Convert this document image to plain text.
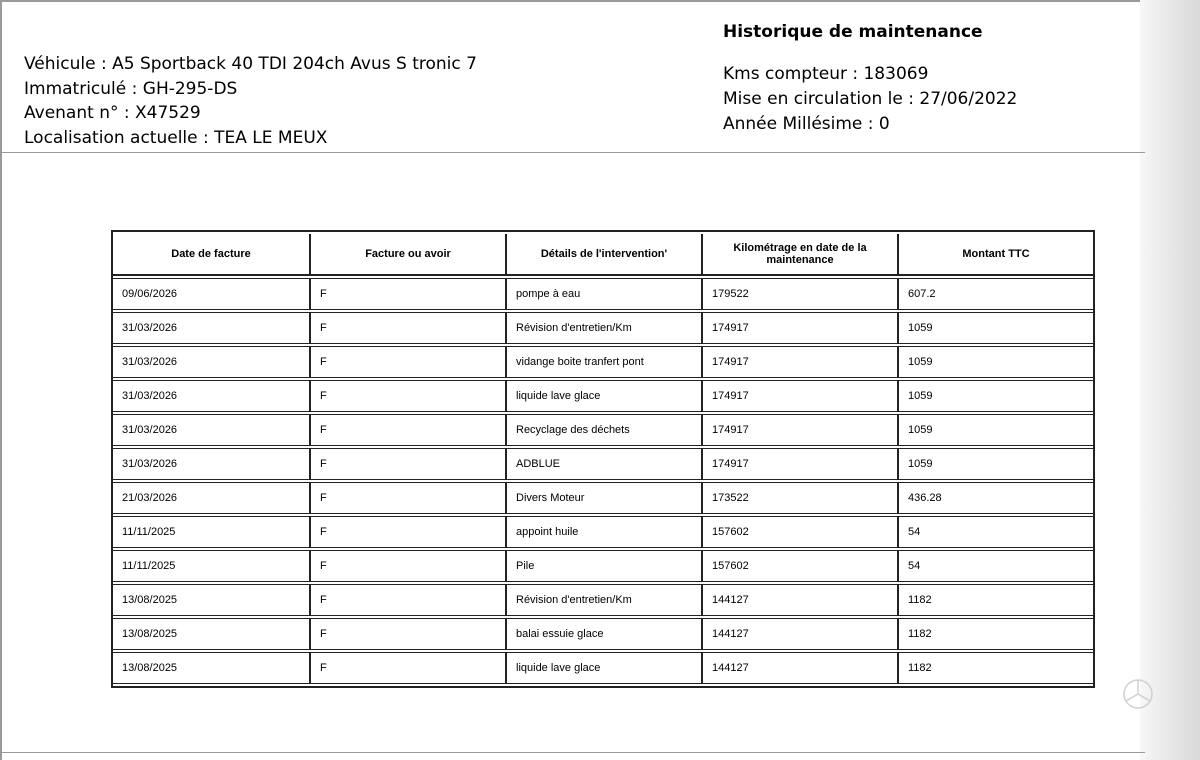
Véhicule : A5 Sportback 40 TDI 204ch Avus S tronic 7
Immatriculé : GH-295-DS
Avenant n° : X47529
Localisation actuelle : TEA LE MEUX
Historique de maintenance
Kms compteur : 183069
Mise en circulation le : 27/06/2022
Année Millésime : 0
Date de facture	Facture ou avoir	Détails de l'intervention'	Kilométrage en date de la maintenance	Montant TTC
09/06/2026	F	pompe à eau	179522	607.2
31/03/2026	F	Révision d'entretien/Km	174917	1059
31/03/2026	F	vidange boite tranfert pont	174917	1059
31/03/2026	F	liquide lave glace	174917	1059
31/03/2026	F	Recyclage des déchets	174917	1059
31/03/2026	F	ADBLUE	174917	1059
21/03/2026	F	Divers Moteur	173522	436.28
11/11/2025	F	appoint huile	157602	54
11/11/2025	F	Pile	157602	54
13/08/2025	F	Révision d'entretien/Km	144127	1182
13/08/2025	F	balai essuie glace	144127	1182
13/08/2025	F	liquide lave glace	144127	1182
